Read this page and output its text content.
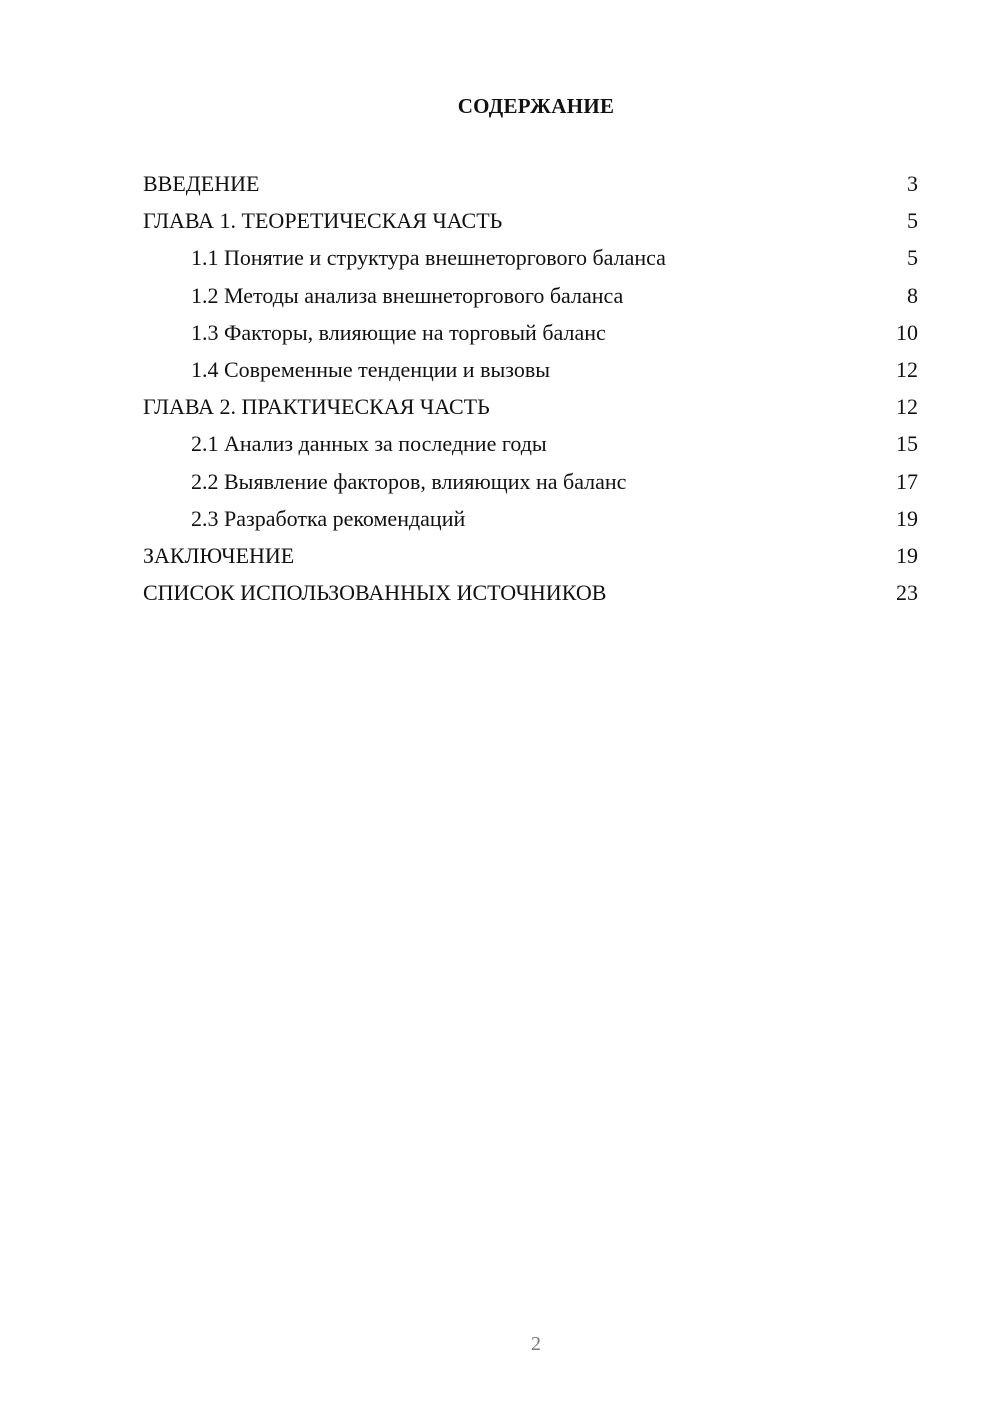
СОДЕРЖАНИЕ
ВВЕДЕНИЕ	3
ГЛАВА 1. ТЕОРЕТИЧЕСКАЯ ЧАСТЬ	5
1.1 Понятие и структура внешнеторгового баланса	5
1.2 Методы анализа внешнеторгового баланса	8
1.3 Факторы, влияющие на торговый баланс	10
1.4 Современные тенденции и вызовы	12
ГЛАВА 2. ПРАКТИЧЕСКАЯ ЧАСТЬ	12
2.1 Анализ данных за последние годы	15
2.2 Выявление факторов, влияющих на баланс	17
2.3 Разработка рекомендаций	19
ЗАКЛЮЧЕНИЕ	19
СПИСОК ИСПОЛЬЗОВАННЫХ ИСТОЧНИКОВ	23
2
